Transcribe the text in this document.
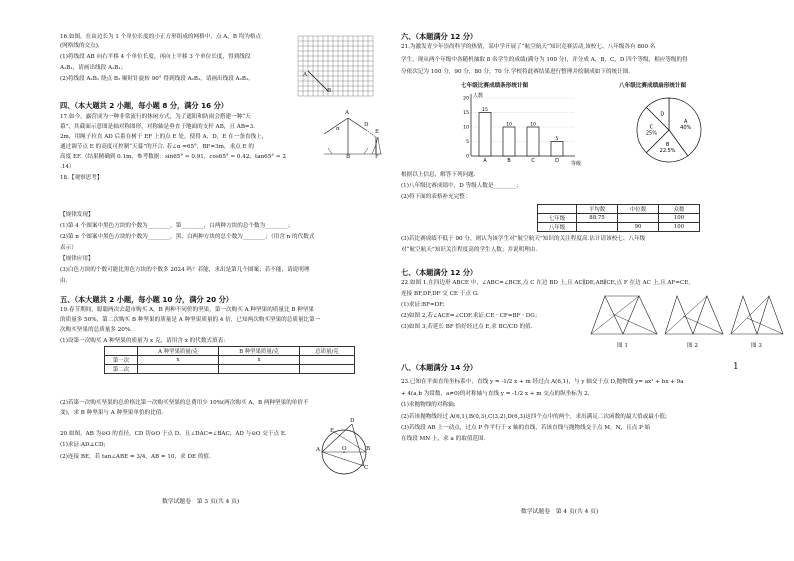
16.如图，在由边长为 1 个单位长度的小正方形组成的网格中，点 A，B 均为格点
(网格线的交点).
(1)将线段 AB 向右平移 4 个单位长度，再向上平移 3 个单位长度，得到线段
A₁B₁，请画出线段 A₁B₁；
(2)将线段 A₁B₁ 绕点 B₁ 顺时针旋转 90° 得到线段 A₂B₁，请画出线段 A₂B₁。
A
B
四、（本大题共 2 小题，每小题 8 分，满分 16 分）
17.如今，露营成为一种非常流行的休闲方式，为了遮阳和防雨会搭建一种“天
幕”，其截面示意图是轴对称图形，对称轴是垂直于地面的支杆 AB，且 AB=3.
2m，用绳子拉直 AD 后系在树干 EF 上的点 E 处，使得 A，D，E 在一条直线上，
通过调节点 E 的高度可控制“天幕”的开合. 若∠α =65°，BF=3m，求点 E 的
高度 EF.（结果精确到 0.1m，参考数据：sin65° ≈ 0.91，cos65° ≈ 0.42，tan65° ≈ 2
.14）
A
D
E
α
B	F
18.【观察思考】
【规律发现】
(1)第 4 个图案中黑色方块的个数为________，第________，白两种方块的总个数为________；
(2)第 n 个图案中黑色方块的个数为________，黑、白两种方块的总个数为________；（用含 n 的代数式
表示）
【规律应用】
(3)白色方块的个数可能比黑色方块的个数多 2024 吗？若能，求出是第几个图案；若不能，请说明理
由.
五、（本大题共 2 小题，每小题 10 分，满分 20 分）
19.春节期间，聪聪两次去超市购买 A，B 两种不同价的坚果，第一次购买 A 种坚果的质量比 B 种坚果
的质量多 50%，第二次购买 B 种坚果的质量是 A 种坚果质量的 4 倍，已知两次购买坚果的总质量比第一
次购买坚果的总质量多 20%.
(1)设第一次购买 A 种坚果的质量为 x 克，请用含 x 的代数式填表：
	A 种坚果质量/克	B 种坚果质量/克	总质量/克
第一次	x	x	
第二次			
(2)若第一次购买坚果的总价格比第一次购买坚果的总费用少 10%(两次购买 A，B 两种坚果的单价不
变)，求 B 种坚果与 A 种坚果单价的比值.
20.如图，AB 为⊙O 的直径，CD 切⊙O 于点 D，且∠DAC=∠BAC，AD 与⊙O 交于点 E.
(1)求证:AD⊥CD;
(2)连接 BE，若 tan∠ABE = 3/4，AB = 10，求 DE 的值.
D
E
A	O	B
C
数学试题卷　第 3 页(共 4 页)
六、（本题满分 12 分）
21.为激发青少年崇尚科学的热情，某中学开展了“航空航天”知识竞赛活动,该校七、八年级各有 800 名
学生，现从两个年级中各随机抽取 8 名学生的成绩(满分为 100 分)，并分成 A，B，C，D 四个等级，相应等级的得
分依次记为 100 分，90 分，80 分，70 分.学校将此赛结果进行整理并绘制成如下的统计图.
七年级比赛成绩条形统计图
人数
等级
0
5
10
15
20
15
A
10
B
10
C
5
D
八年级比赛成绩扇形统计图
A
40%
B
22.5%
C
25%
D
根据以上信息，解答下列问题.
(1)八年级比赛成绩中，D 等级人数是________；
(2)将下面的表格补充完整：
	平均数	中位数	众数
七年级	88.75		100
八年级		90	100
(3)若比赛成绩不低于 90 分，则认为该学生对“航空航天”知识的关注程度高.估计请该校七、八年级
对“航空航天”知识关注程度高的学生人数；并说明理由.
七、（本题满分 12 分）
22.如图 1,在四边形 ABCE 中，∠ABC=∠BCE,点 C 在边 BD 上,且 AC∥DE,AB∥CE,点 F 在边 AC 上,且 AF=CE,
连接 BF,DF,DF 交 CE 于点 G.
(1)求证:BF=DF;
(2)如图 2,若∠ACE=∠CDF,求证:CE · CF=BF · DG；
(3)如图 3,若延长 BF 恰好经过点 E,求 BC/CD 的值.
图 1	图 2	图 3
八、（本题满分 14 分）
23.已知在平面直角坐标系中，直线 y = -1/2 x + m 经过点 A(6,1)，与 y 轴交于点 D,抛物线 y= ax² + bx + 9a
+ 4(a,b 为常数，a≠0)的对称轴与直线 y = -1/2 x + m 交点的纵坐标为 2.
(1)求抛物线的对称轴;
(2)若该抛物线经过 A(6,1),B(0,3),C(3,2),D(6,3)这四个点中的两个，求出满足二次函数的最大值或最小值;
(3)若线段 AB 上一动点，过点 P 作平行于 x 轴的直线，若该直线与抛物线交于点 M，N，且点 P 始
在线段 MN 上，求 a 的取值范围.
数学试题卷　第 4 页(共 4 页)
1
